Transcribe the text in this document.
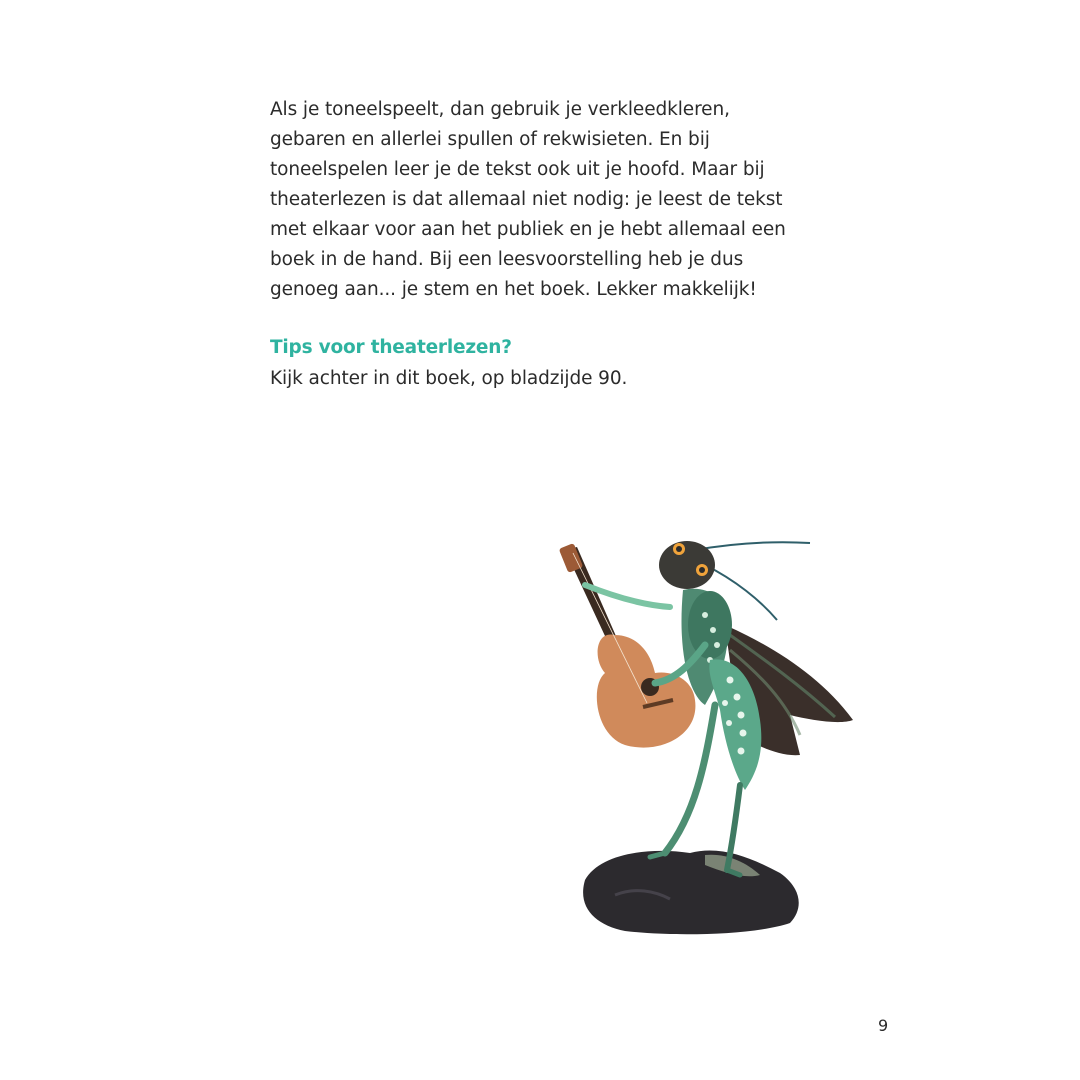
Als je toneelspeelt, dan gebruik je verkleedkleren,
gebaren en allerlei spullen of rekwisieten. En bij
toneelspelen leer je de tekst ook uit je hoofd. Maar bij
theaterlezen is dat allemaal niet nodig: je leest de tekst
met elkaar voor aan het publiek en je hebt allemaal een
boek in de hand. Bij een leesvoorstelling heb je dus
genoeg aan... je stem en het boek. Lekker makkelijk!
Tips voor theaterlezen?
Kijk achter in dit boek, op bladzijde 90.
9
